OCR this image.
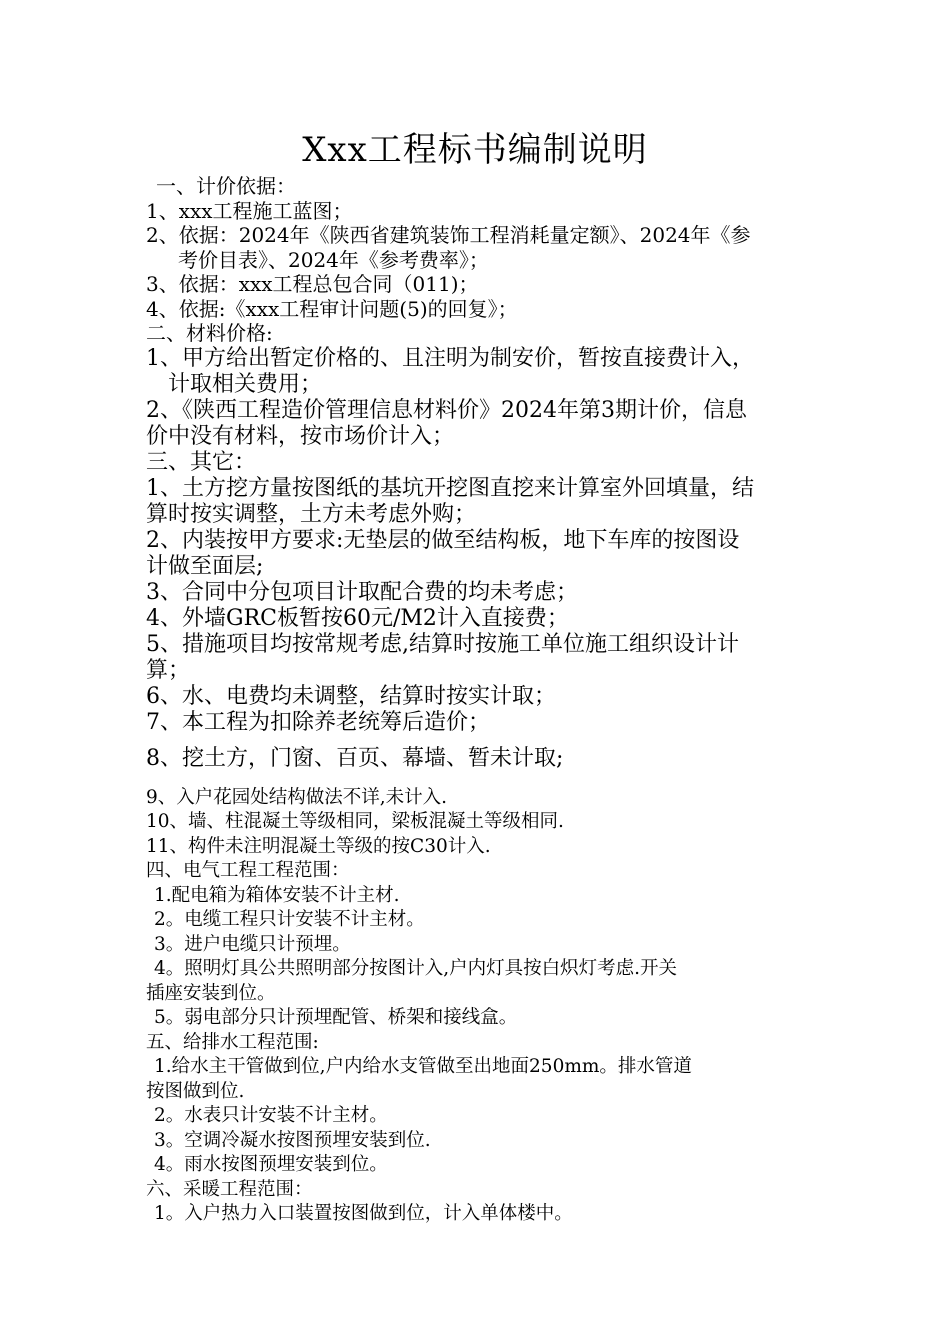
Xxx工程标书编制说明
一、计价依据：
1、xxx工程施工蓝图；
2、依据：2024年《陕西省建筑装饰工程消耗量定额》、2024年《参
考价目表》、2024年《参考费率》；
3、依据：xxx工程总包合同（011)；
4、依据:《xxx工程审计问题(5)的回复》；
二、材料价格:
1、甲方给出暂定价格的、且注明为制安价，暂按直接费计入，
计取相关费用；
2、《陕西工程造价管理信息材料价》2024年第3期计价，信息
价中没有材料，按市场价计入；
三、其它：
1、土方挖方量按图纸的基坑开挖图直挖来计算室外回填量，结
算时按实调整，土方未考虑外购；
2、内装按甲方要求:无垫层的做至结构板，地下车库的按图设
计做至面层;
3、合同中分包项目计取配合费的均未考虑；
4、外墙GRC板暂按60元/M2计入直接费；
5、措施项目均按常规考虑,结算时按施工单位施工组织设计计
算；
6、水、电费均未调整，结算时按实计取；
7、本工程为扣除养老统筹后造价；
8、挖土方，门窗、百页、幕墙、暂未计取;
9、入户花园处结构做法不详,未计入.
10、墙、柱混凝土等级相同，梁板混凝土等级相同.
11、构件未注明混凝土等级的按C30计入.
四、电气工程工程范围：
1.配电箱为箱体安装不计主材.
2。电缆工程只计安装不计主材。
3。进户电缆只计预埋。
4。照明灯具公共照明部分按图计入,户内灯具按白炽灯考虑.开关
插座安装到位。
5。弱电部分只计预埋配管、桥架和接线盒。
五、给排水工程范围:
1.给水主干管做到位,户内给水支管做至出地面250mm。排水管道
按图做到位.
2。水表只计安装不计主材。
3。空调冷凝水按图预埋安装到位.
4。雨水按图预埋安装到位。
六、采暖工程范围：
1。入户热力入口装置按图做到位，计入单体楼中。
